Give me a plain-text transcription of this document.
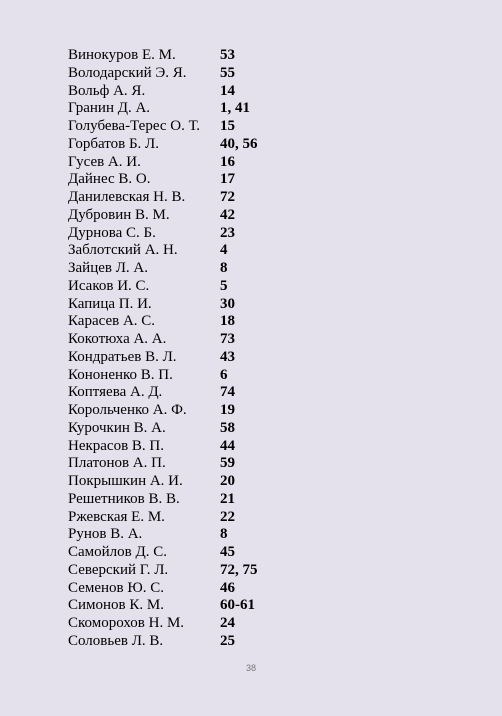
Винокуров Е. М.	53
Володарский Э. Я. 55
Вольф А. Я.	14
Гранин Д. А.	1, 41
Голубева-Терес О. Т. 15
Горбатов Б. Л.	40, 56
Гусев А. И.	16
Дайнес В. О.	17
Данилевская Н. В. 72
Дубровин В. М.	42
Дурнова С. Б.	23
Заблотский А. Н.	4
Зайцев Л. А.	8
Исаков И. С.	5
Капица П. И.	30
Карасев А. С.	18
Кокотюха А. А.	73
Кондратьев В. Л.	43
Кононенко В. П.	6
Коптяева А. Д.	74
Корольченко А. Ф. 19
Курочкин В. А.	58
Некрасов В. П.	44
Платонов А. П.	59
Покрышкин А. И. 20
Решетников В. В.	21
Ржевская Е. М.	22
Рунов В. А.	8
Самойлов Д. С.	45
Северский Г. Л.	72, 75
Семенов Ю. С.	46
Симонов К. М.	60-61
Скоморохов Н. М. 24
Соловьев Л. В.	25
38
